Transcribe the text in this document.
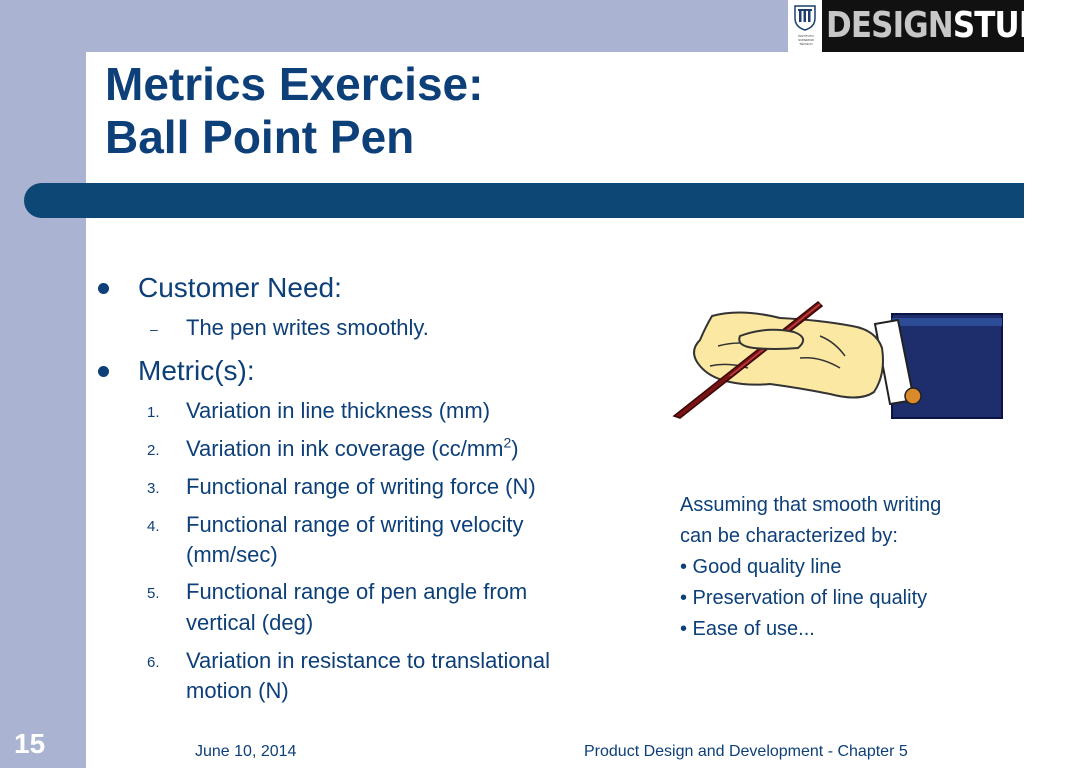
INSTITUTO SUPERIOR TÉCNICO DESIGNSTUDIO
Metrics Exercise:
Ball Point Pen
Customer Need:
– The pen writes smoothly.
Metric(s):
1. Variation in line thickness (mm)
2. Variation in ink coverage $(cc/mm^2)$
3. Functional range of writing force (N)
4. Functional range of writing velocity
(mm/sec)
5. Functional range of pen angle from
vertical (deg)
6. Variation in resistance to translational
motion (N)
Assuming that smooth writing
can be characterized by:
• Good quality line
• Preservation of line quality
• Ease of use...
June 10, 2014	Product Design and Development - Chapter 5
15
